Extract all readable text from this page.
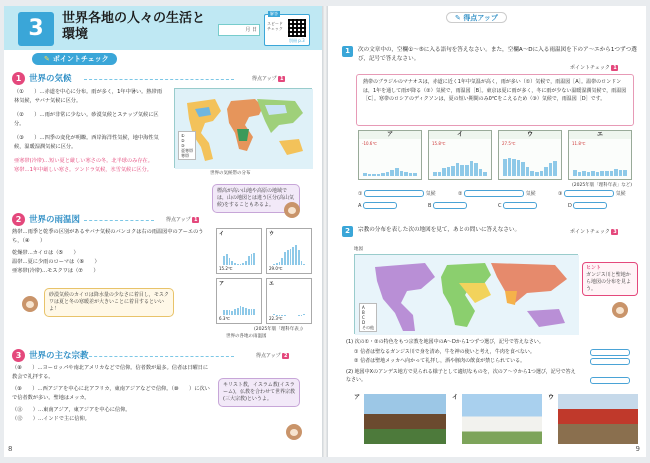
3	世界各地の人々の生活と環境	月 日
解答
スピードチェック
別冊 p.3
✎ ポイントチェック
1 世界の気候	得点アップ 1
（①　　）…赤道を中心に分布。雨が多く，1年中暑い。熱帯雨林気候，サバナ気候に区分。
（②　　）…雨が非常に少ない。砂漠気候とステップ気候に区分。
（③　　）…四季の変化が明瞭。西岸海洋性気候，地中海性気候，温暖湿潤気候に区分。
亜寒帯(冷帯)…短い夏と厳しい寒さの冬。北半球のみ存在。
寒帯…1年中厳しい寒さ。ツンドラ気候，氷雪気候に区分。
①
②
③
亜寒帯
寒帯
世界の気候帯の分布
標高が高い山地や高原の地域では，山の地図とは違う区分(高山気候)をすることもあるよ。
2 世界の雨温図	得点アップ 1
熱帯…雨季と乾季の区別があるサバナ気候のバンコクは右の雨温図中のアーエのうち，（④　　）
乾燥帯…カイロは（⑤　　）
温帯…夏に少雨のローマは（⑥　　）
亜寒帯(冷帯)…モスクワは（⑦　　）
イ
15.2℃
ウ
29.0℃
ア
6.3℃
エ
22.3℃
(2025年版「理科年表」)
世界の各地の雨温図
砂漠気候のカイロは降水量の少なさに着目し，モスクワは夏と冬の寒暖差が大きいことに着目するといいよ！
3 世界の主な宗教	得点アップ 2
（⑧　　）…ヨーロッパや南北アメリカなどで信仰。信者数が最多。信者は日曜日に教会で礼拝する。
（⑨　　）…西アジアを中心に北アフリカ，東南アジアなどで信仰。（⑩　　）に次いで信者数が多い。聖地はメッカ。
（⑪　　）…東南アジア，東アジアを中心に信仰。
（⑫　　）…インドで主に信仰。
キリスト教，イスラム教(イスラーム)，仏教を合わせて世界宗教(三大宗教)というよ。
8
✎ 得点アップ
1	次の文章中の，空欄①～⑤に入る語句を答えなさい。また，空欄A～Dに入る雨温図を下のア～エから1つずつ選び，記号で答えなさい。
ポイントチェック 1
熱帯のブラジルのマナオスは，赤道に近く1年中気温が高く，雨が多い（①）気候で，雨温図［A］。温帯のロンドンは，1年を通して雨が降る（②）気候で，雨温図［B］。東京は夏に雨が多く，冬に雨が少ない温暖湿潤気候で，雨温図［C］。寒帯のロシアのディクソンは，夏の短い期間のみ0℃をこえるため（③）気候で，雨温図［D］です。
ア
-10.6℃
イ
15.8℃
ウ
27.5℃
エ
11.8℃
(2025年版「理科年表」など)
①	気候	②	気候	③	気候
A	B	C	D
2	宗教の分布を表した次の地図を見て，あとの問いに答えなさい。	ポイントチェック 3
地図
A
B
C
D
その他
ヒント
ガンジス川と聖地から地図の分布を見よう。
(1) 次の①・②の特色をもつ宗教を地図中のA～Dから1つずつ選び，記号で答えなさい。
① 信者は聖なるガンジス川で身を清め，牛を神の使いと考え，牛肉を食べない。
② 信者は聖地メッカへ向かって礼拝し，酒や豚肉の飲食が禁じられている。
(2) 地図中Xのアンデス地方で見られる様子として適切なものを，次のア～ウから1つ選び，記号で答えなさい。
ア	イ	ウ
9
